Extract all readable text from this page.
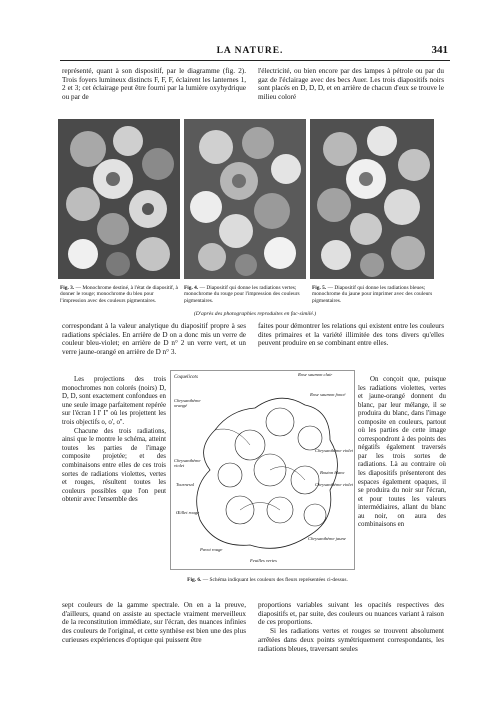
LA NATURE.	341

représenté, quant à son dispositif, par le diagramme (fig. 2). Trois foyers lumineux distincts F, F, F, éclairent les lanternes 1, 2 et 3; cet éclairage peut être fourni par la lumière oxyhydrique ou par de

l'électricité, ou bien encore par des lampes à pétrole ou par du gaz de l'éclairage avec des becs Auer. Les trois diapositifs noirs sont placés en D, D, D, et en arrière de chacun d'eux se trouve le milieu coloré

Fig. 3. — Monochrome destiné, à l'état de diapositif, à donner le rouge; monochrome du bleu pour l'impression avec des couleurs pigmentaires.
Fig. 4. — Diapositif qui donne les radiations vertes; monochrome du rouge pour l'impression des couleurs pigmentaires.
Fig. 5. — Diapositif qui donne les radiations bleues; monochrome du jaune pour imprimer avec des couleurs pigmentaires.
(D'après des photographies reproduites en fac-similé.)

correspondant à la valeur analytique du diapositif propre à ses radiations spéciales. En arrière de D on a donc mis un verre de couleur bleu-violet; en arrière de D n° 2 un verre vert, et un verre jaune-orangé en arrière de D n° 3.

Les projections des trois monochromes non colorés (noirs) D, D, D, sont exactement confondues en une seule image parfaitement repérée sur l'écran I I' I'' où les projettent les trois objectifs o, o', o''.

Chacune des trois radiations, ainsi que le montre le schéma, atteint toutes les parties de l'image composite projetée; et des combinaisons entre elles de ces trois sortes de radiations violettes, vertes et rouges, résultent toutes les couleurs possibles que l'on peut obtenir avec l'ensemble des

faites pour démontrer les relations qui existent entre les couleurs dites primaires et la variété illimitée des tons divers qu'elles peuvent produire en se combinant entre elles.

On conçoit que, puisque les radiations violettes, vertes et jaune-orangé donnent du blanc, par leur mélange, il se produira du blanc, dans l'image composite en couleurs, partout où les parties de cette image correspondront à des points des négatifs également traversés par les trois sortes de radiations. Là au contraire où les diapositifs présenteront des espaces également opaques, il se produira du noir sur l'écran, et pour toutes les valeurs intermédiaires, allant du blanc au noir, on aura des combinaisons en

Coquelicots
Rose saumon clair
Rose saumon foncé
Chrysanthème orangé
Chrysanthème violet
Chrysanthème violet
Chrysanthème violet
Bouton blanc
Tournesol
Œillet rouge
Pavot rouge
Feuilles vertes
Chrysanthème jaune
Fig. 6. — Schéma indiquant les couleurs des fleurs représentées ci-dessus.

sept couleurs de la gamme spectrale. On en a la preuve, d'ailleurs, quand on assiste au spectacle vraiment merveilleux de la reconstitution immédiate, sur l'écran, des nuances infinies des couleurs de l'original, et cette synthèse est bien une des plus curieuses expériences d'optique qui puissent être

proportions variables suivant les opacités respectives des diapositifs et, par suite, des couleurs ou nuances variant à raison de ces proportions.

Si les radiations vertes et rouges se trouvent absolument arrêtées dans deux points symétriquement correspondants, les radiations bleues, traversant seules
